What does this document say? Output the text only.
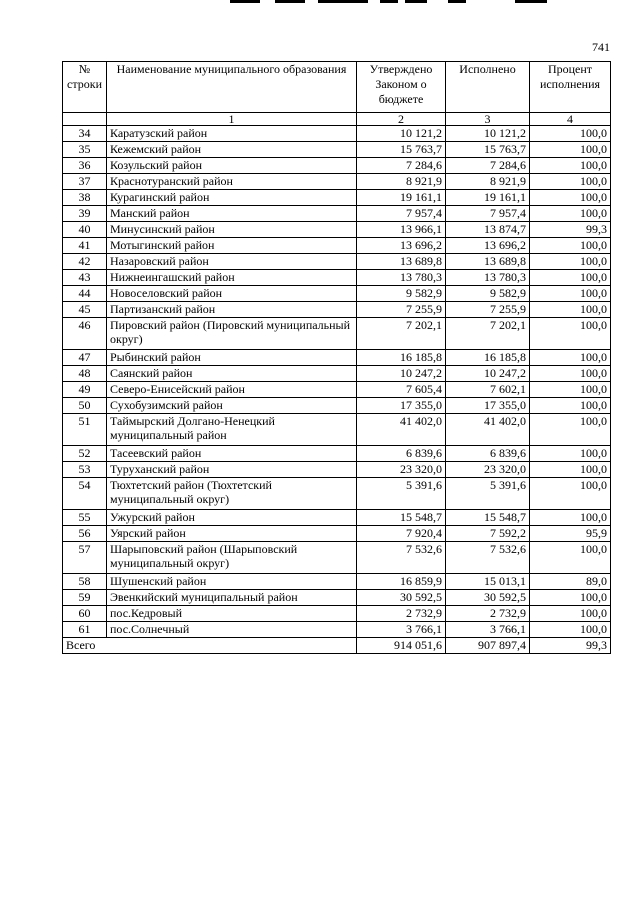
741
№ строки	Наименование муниципального образования	Утверждено Законом о бюджете	Исполнено	Процент исполнения
	1	2	3	4
34	Каратузский район	10 121,2	10 121,2	100,0
35	Кежемский район	15 763,7	15 763,7	100,0
36	Козульский район	7 284,6	7 284,6	100,0
37	Краснотуранский район	8 921,9	8 921,9	100,0
38	Курагинский район	19 161,1	19 161,1	100,0
39	Манский район	7 957,4	7 957,4	100,0
40	Минусинский район	13 966,1	13 874,7	99,3
41	Мотыгинский район	13 696,2	13 696,2	100,0
42	Назаровский район	13 689,8	13 689,8	100,0
43	Нижнеингашский район	13 780,3	13 780,3	100,0
44	Новоселовский район	9 582,9	9 582,9	100,0
45	Партизанский район	7 255,9	7 255,9	100,0
46	Пировский район (Пировский муниципальный округ)	7 202,1	7 202,1	100,0
47	Рыбинский район	16 185,8	16 185,8	100,0
48	Саянский район	10 247,2	10 247,2	100,0
49	Северо-Енисейский район	7 605,4	7 602,1	100,0
50	Сухобузимский район	17 355,0	17 355,0	100,0
51	Таймырский Долгано-Ненецкий муниципальный район	41 402,0	41 402,0	100,0
52	Тасеевский район	6 839,6	6 839,6	100,0
53	Туруханский район	23 320,0	23 320,0	100,0
54	Тюхтетский район (Тюхтетский муниципальный округ)	5 391,6	5 391,6	100,0
55	Ужурский район	15 548,7	15 548,7	100,0
56	Уярский район	7 920,4	7 592,2	95,9
57	Шарыповский район (Шарыповский муниципальный округ)	7 532,6	7 532,6	100,0
58	Шушенский район	16 859,9	15 013,1	89,0
59	Эвенкийский муниципальный район	30 592,5	30 592,5	100,0
60	пос.Кедровый	2 732,9	2 732,9	100,0
61	пос.Солнечный	3 766,1	3 766,1	100,0
Всего		914 051,6	907 897,4	99,3
